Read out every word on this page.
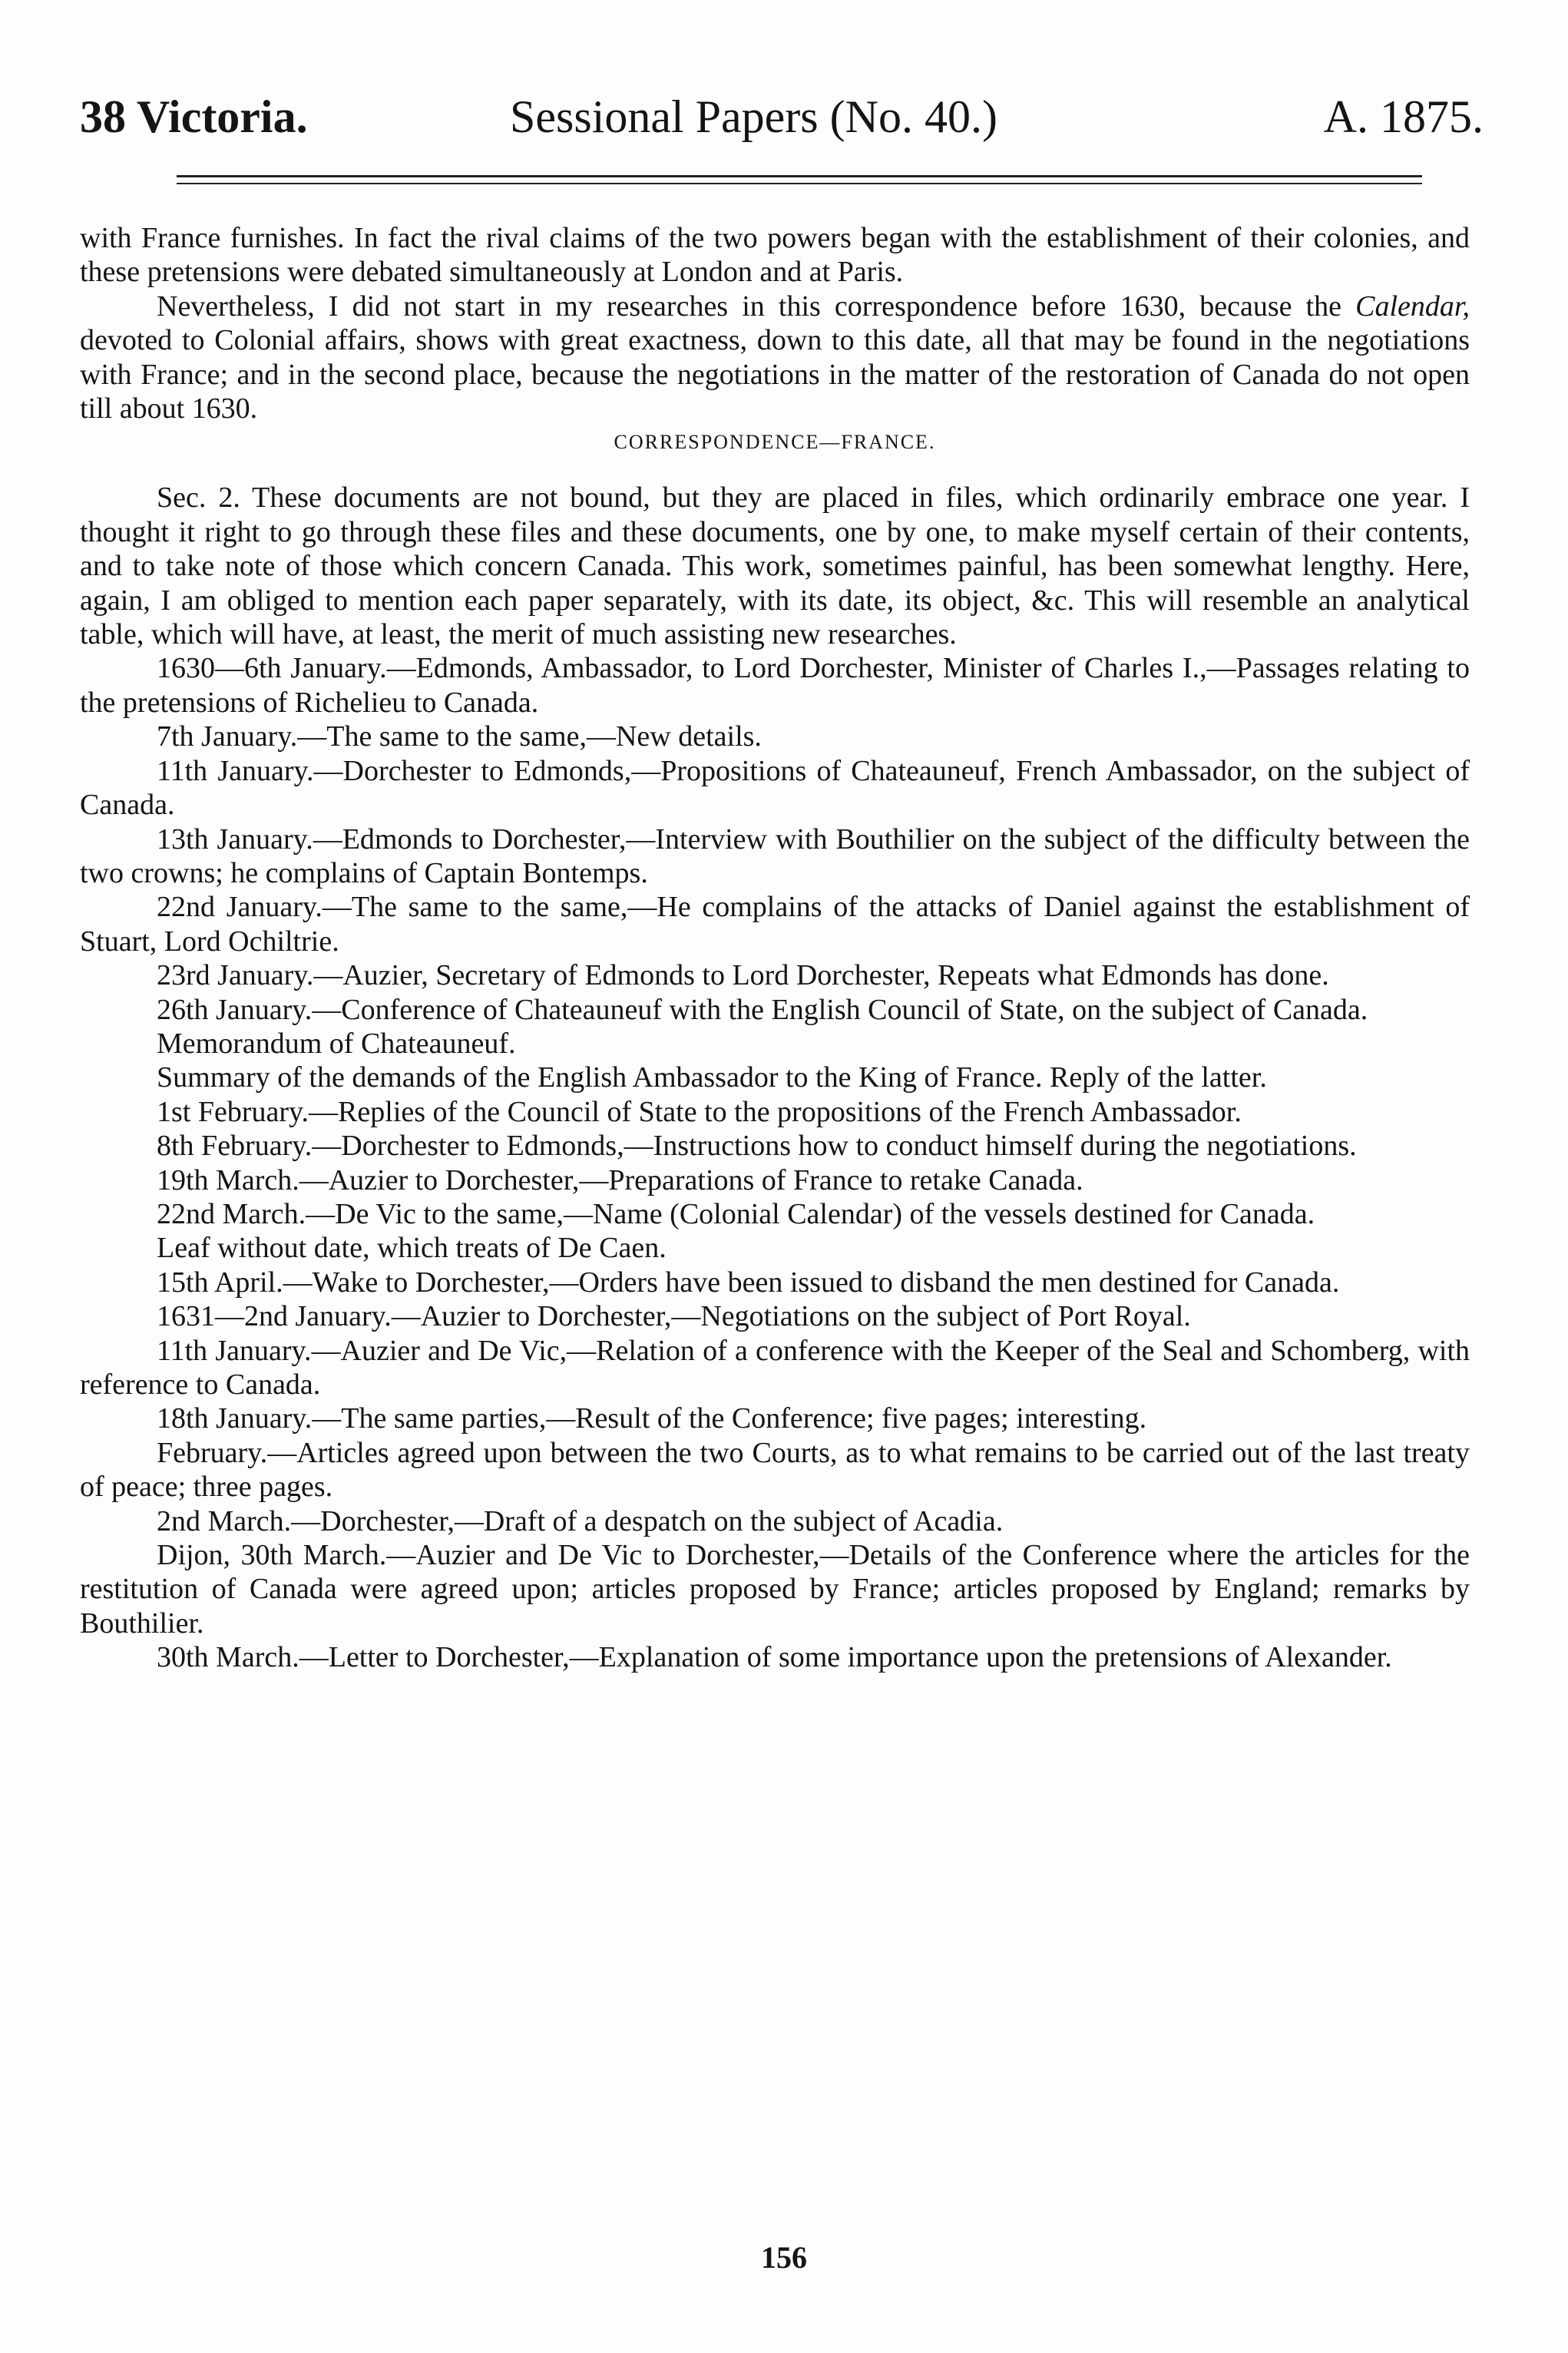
38 Victoria.	Sessional Papers (No. 40.)	A. 1875.

with France furnishes. In fact the rival claims of the two powers began with the establishment of their colonies, and these pretensions were debated simultaneously at London and at Paris.

Nevertheless, I did not start in my researches in this correspondence before 1630, because the Calendar, devoted to Colonial affairs, shows with great exactness, down to this date, all that may be found in the negotiations with France; and in the second place, because the negotiations in the matter of the restoration of Canada do not open till about 1630.

CORRESPONDENCE—FRANCE.

Sec. 2. These documents are not bound, but they are placed in files, which ordinarily embrace one year. I thought it right to go through these files and these documents, one by one, to make myself certain of their contents, and to take note of those which concern Canada. This work, sometimes painful, has been somewhat lengthy. Here, again, I am obliged to mention each paper separately, with its date, its object, &c. This will resemble an analytical table, which will have, at least, the merit of much assisting new researches.

1630—6th January.—Edmonds, Ambassador, to Lord Dorchester, Minister of Charles I.,—Passages relating to the pretensions of Richelieu to Canada.

7th January.—The same to the same,—New details.

11th January.—Dorchester to Edmonds,—Propositions of Chateauneuf, French Ambassador, on the subject of Canada.

13th January.—Edmonds to Dorchester,—Interview with Bouthilier on the subject of the difficulty between the two crowns; he complains of Captain Bontemps.

22nd January.—The same to the same,—He complains of the attacks of Daniel against the establishment of Stuart, Lord Ochiltrie.

23rd January.—Auzier, Secretary of Edmonds to Lord Dorchester, Repeats what Edmonds has done.

26th January.—Conference of Chateauneuf with the English Council of State, on the subject of Canada.

Memorandum of Chateauneuf.

Summary of the demands of the English Ambassador to the King of France. Reply of the latter.

1st February.—Replies of the Council of State to the propositions of the French Ambassador.

8th February.—Dorchester to Edmonds,—Instructions how to conduct himself during the negotiations.

19th March.—Auzier to Dorchester,—Preparations of France to retake Canada.

22nd March.—De Vic to the same,—Name (Colonial Calendar) of the vessels destined for Canada.

Leaf without date, which treats of De Caen.

15th April.—Wake to Dorchester,—Orders have been issued to disband the men destined for Canada.

1631—2nd January.—Auzier to Dorchester,—Negotiations on the subject of Port Royal.

11th January.—Auzier and De Vic,—Relation of a conference with the Keeper of the Seal and Schomberg, with reference to Canada.

18th January.—The same parties,—Result of the Conference; five pages; interesting.

February.—Articles agreed upon between the two Courts, as to what remains to be carried out of the last treaty of peace; three pages.

2nd March.—Dorchester,—Draft of a despatch on the subject of Acadia.

Dijon, 30th March.—Auzier and De Vic to Dorchester,—Details of the Conference where the articles for the restitution of Canada were agreed upon; articles proposed by France; articles proposed by England; remarks by Bouthilier.

30th March.—Letter to Dorchester,—Explanation of some importance upon the pretensions of Alexander.

156
